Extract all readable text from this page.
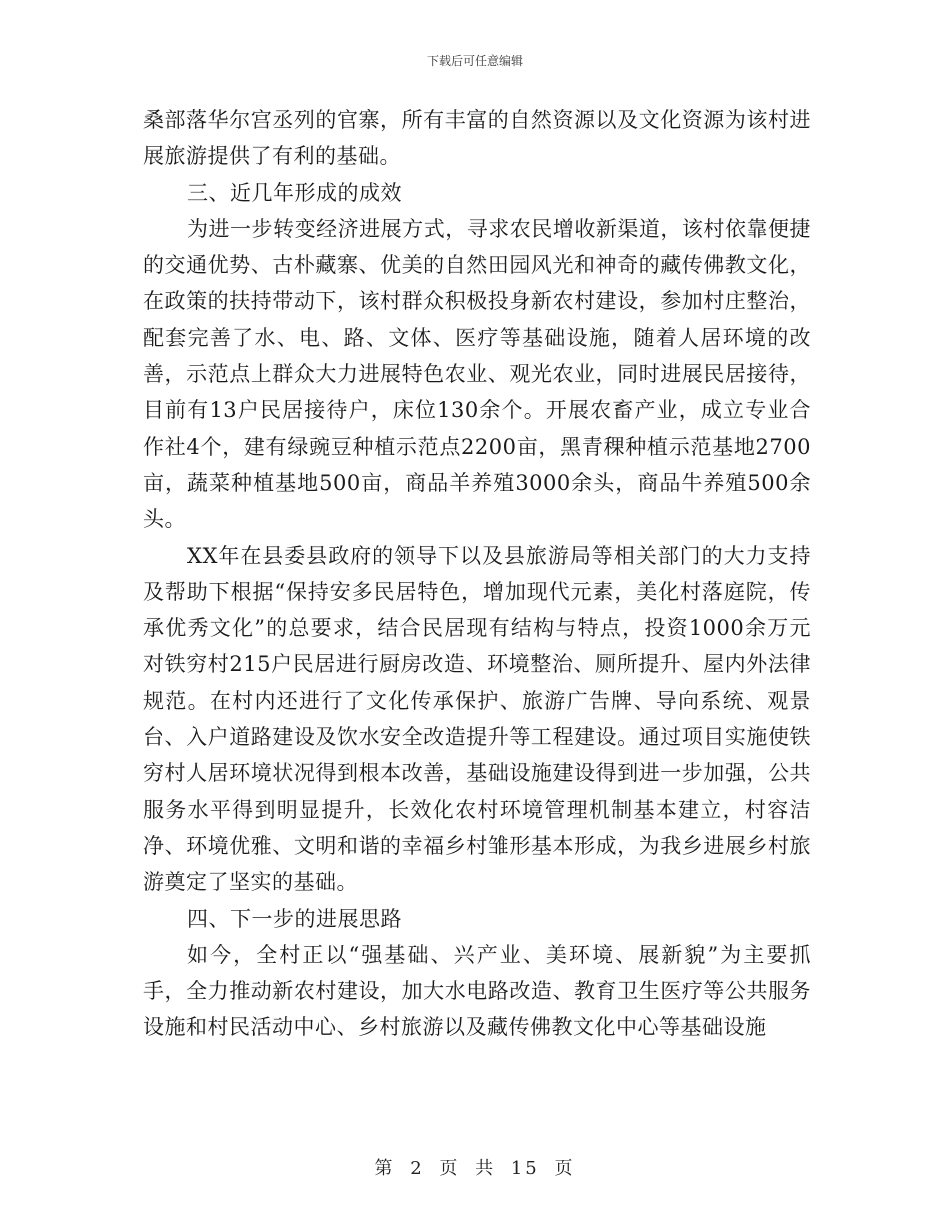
下载后可任意编辑

桑部落华尔宫丞列的官寨，所有丰富的自然资源以及文化资源为该村进展旅游提供了有利的基础。

三、近几年形成的成效

为进一步转变经济进展方式，寻求农民增收新渠道，该村依靠便捷的交通优势、古朴藏寨、优美的自然田园风光和神奇的藏传佛教文化，在政策的扶持带动下，该村群众积极投身新农村建设，参加村庄整治，配套完善了水、电、路、文体、医疗等基础设施，随着人居环境的改善，示范点上群众大力进展特色农业、观光农业，同时进展民居接待，目前有13户民居接待户，床位130余个。开展农畜产业，成立专业合作社4个，建有绿豌豆种植示范点2200亩，黑青稞种植示范基地2700亩，蔬菜种植基地500亩，商品羊养殖3000余头，商品牛养殖500余头。

XX年在县委县政府的领导下以及县旅游局等相关部门的大力支持及帮助下根据“保持安多民居特色，增加现代元素，美化村落庭院，传承优秀文化”的总要求，结合民居现有结构与特点，投资1000余万元对铁穷村215户民居进行厨房改造、环境整治、厕所提升、屋内外法律规范。在村内还进行了文化传承保护、旅游广告牌、导向系统、观景台、入户道路建设及饮水安全改造提升等工程建设。通过项目实施使铁穷村人居环境状况得到根本改善，基础设施建设得到进一步加强，公共服务水平得到明显提升，长效化农村环境管理机制基本建立，村容洁净、环境优雅、文明和谐的幸福乡村雏形基本形成，为我乡进展乡村旅游奠定了坚实的基础。

四、下一步的进展思路

如今，全村正以“强基础、兴产业、美环境、展新貌”为主要抓手，全力推动新农村建设，加大水电路改造、教育卫生医疗等公共服务设施和村民活动中心、乡村旅游以及藏传佛教文化中心等基础设施

第 2 页 共 15 页
